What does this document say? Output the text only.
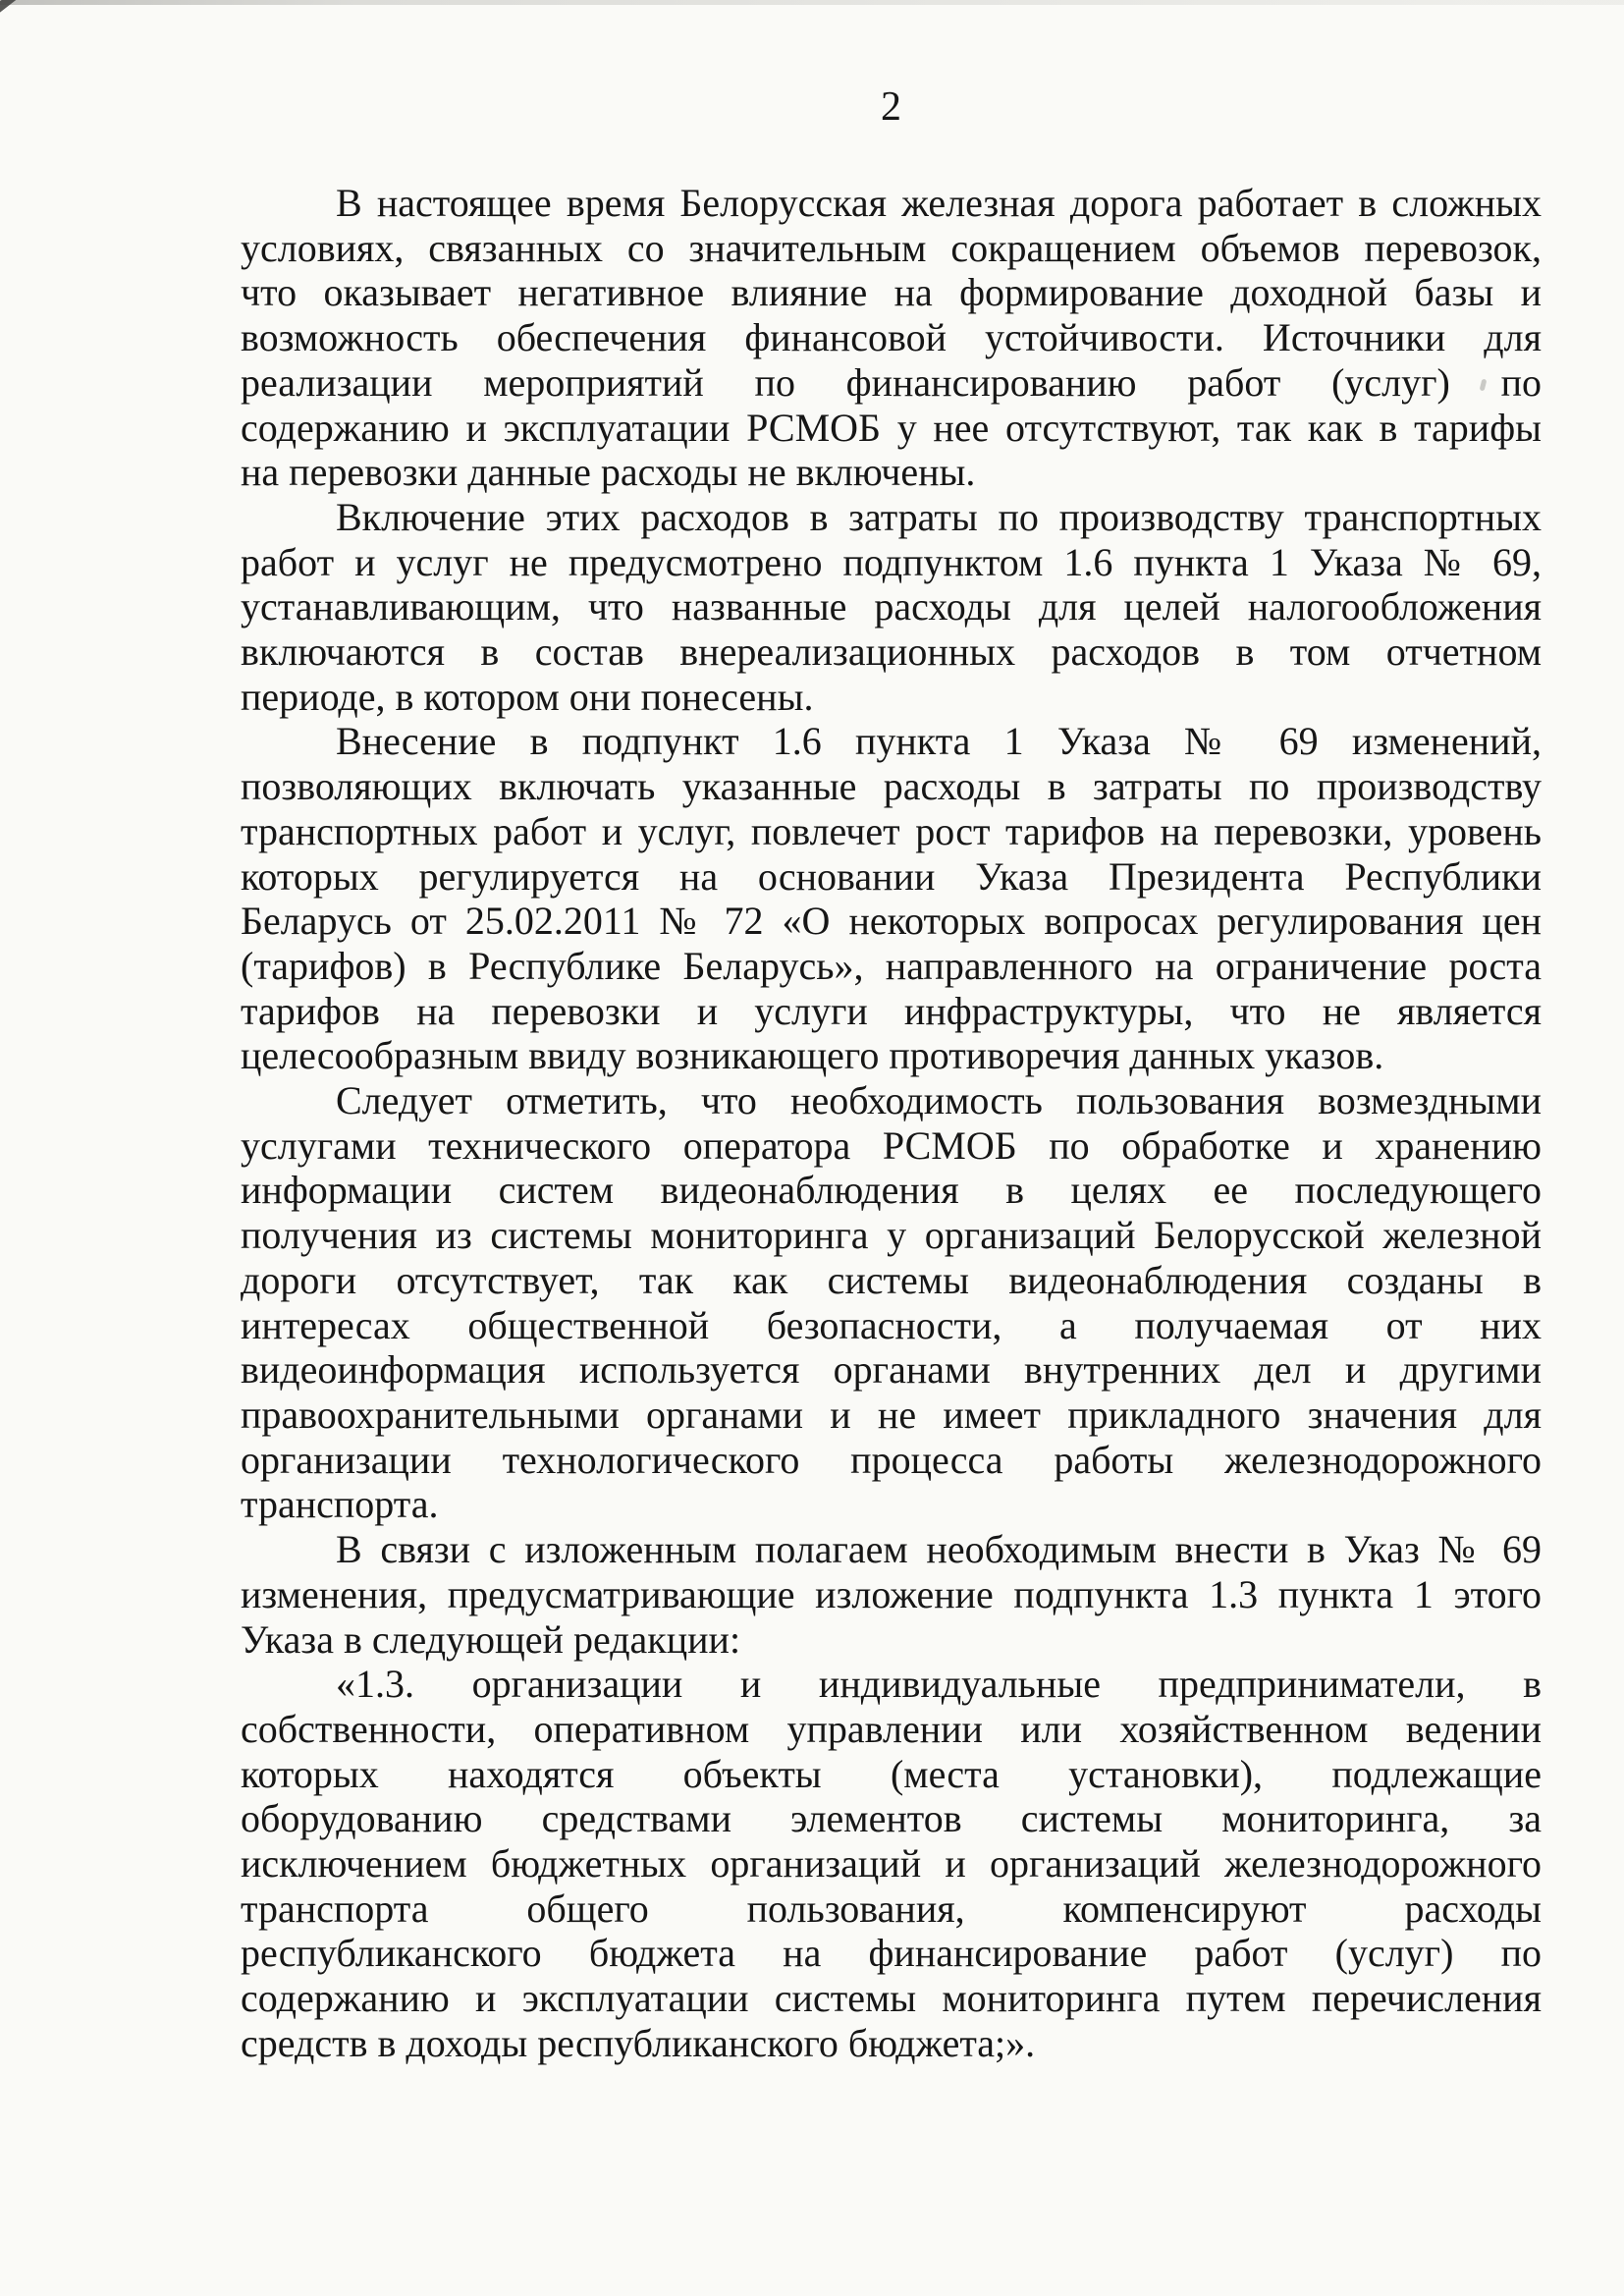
2
В настоящее время Белорусская железная дорога работает в сложных
условиях, связанных со значительным сокращением объемов перевозок,
что оказывает негативное влияние на формирование доходной базы и
возможность обеспечения финансовой устойчивости. Источники для
реализации мероприятий по финансированию работ (услуг) по
содержанию и эксплуатации РСМОБ у нее отсутствуют, так как в тарифы
на перевозки данные расходы не включены.
Включение этих расходов в затраты по производству транспортных
работ и услуг не предусмотрено подпунктом 1.6 пункта 1 Указа № 69,
устанавливающим, что названные расходы для целей налогообложения
включаются в состав внереализационных расходов в том отчетном
периоде, в котором они понесены.
Внесение в подпункт 1.6 пункта 1 Указа № 69 изменений,
позволяющих включать указанные расходы в затраты по производству
транспортных работ и услуг, повлечет рост тарифов на перевозки, уровень
которых регулируется на основании Указа Президента Республики
Беларусь от 25.02.2011 № 72 «О некоторых вопросах регулирования цен
(тарифов) в Республике Беларусь», направленного на ограничение роста
тарифов на перевозки и услуги инфраструктуры, что не является
целесообразным ввиду возникающего противоречия данных указов.
Следует отметить, что необходимость пользования возмездными
услугами технического оператора РСМОБ по обработке и хранению
информации систем видеонаблюдения в целях ее последующего
получения из системы мониторинга у организаций Белорусской железной
дороги отсутствует, так как системы видеонаблюдения созданы в
интересах общественной безопасности, а получаемая от них
видеоинформация используется органами внутренних дел и другими
правоохранительными органами и не имеет прикладного значения для
организации технологического процесса работы железнодорожного
транспорта.
В связи с изложенным полагаем необходимым внести в Указ № 69
изменения, предусматривающие изложение подпункта 1.3 пункта 1 этого
Указа в следующей редакции:
«1.3. организации и индивидуальные предприниматели, в
собственности, оперативном управлении или хозяйственном ведении
которых находятся объекты (места установки), подлежащие
оборудованию средствами элементов системы мониторинга, за
исключением бюджетных организаций и организаций железнодорожного
транспорта общего пользования, компенсируют расходы
республиканского бюджета на финансирование работ (услуг) по
содержанию и эксплуатации системы мониторинга путем перечисления
средств в доходы республиканского бюджета;».
